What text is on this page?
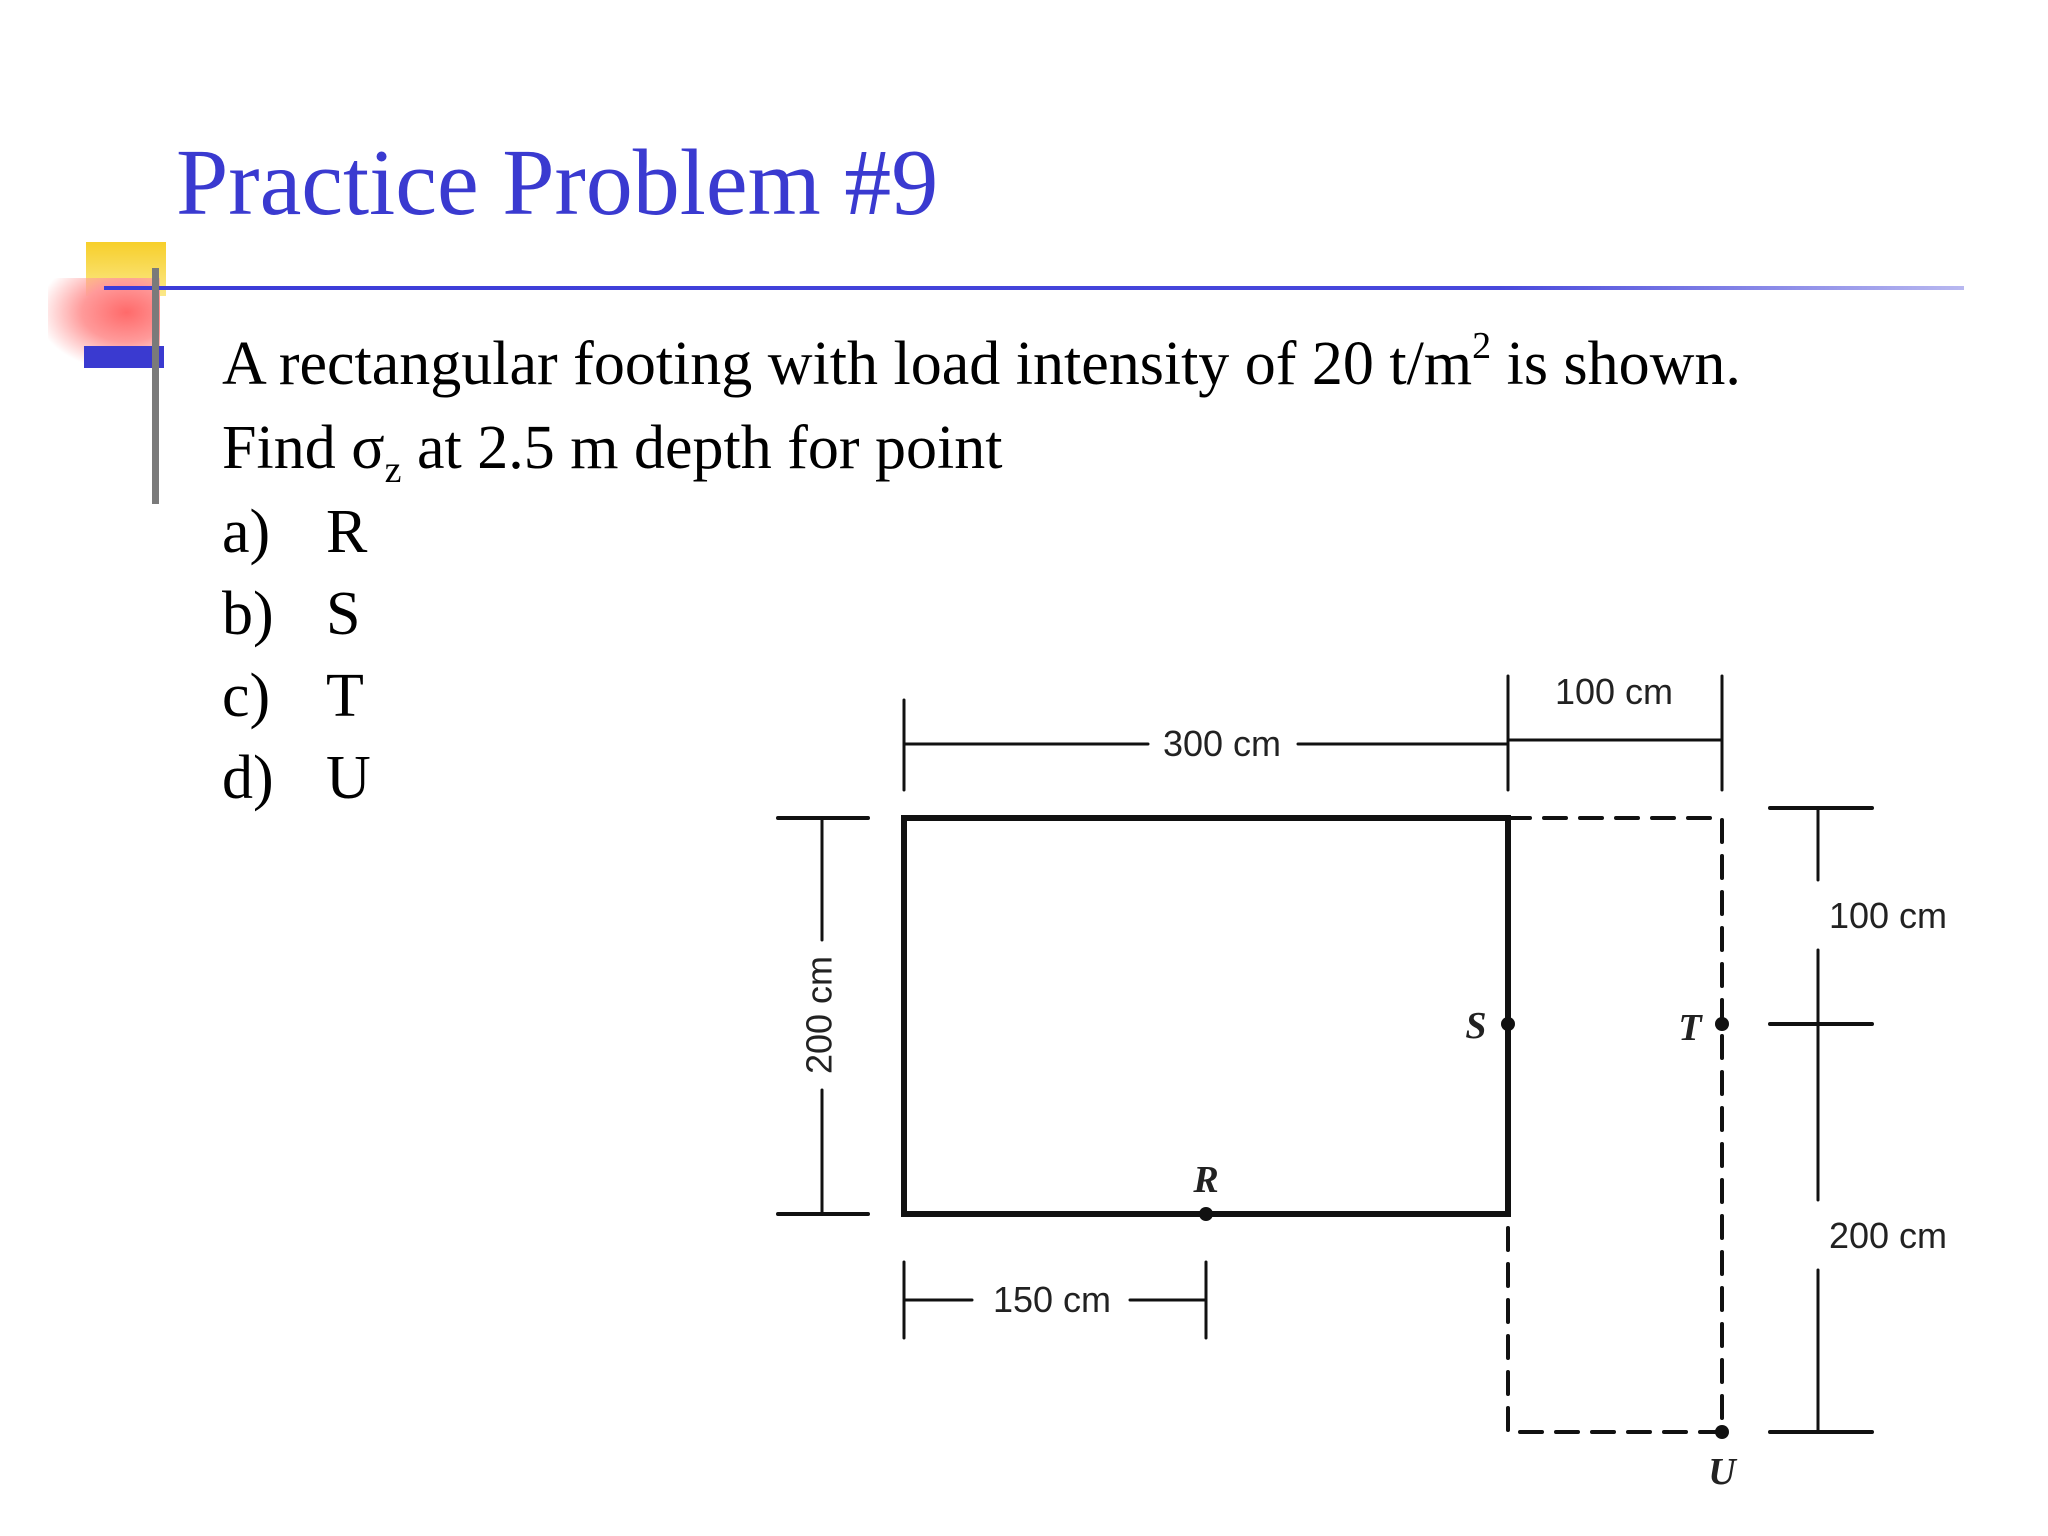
Practice Problem #9
A rectangular footing with load intensity of 20 $t/m^2$ is shown.
Find $\sigma_z$ at 2.5 m depth for point
a) R
b) S
c) T
d) U
300 cm
100 cm
200 cm
100 cm
200 cm
150 cm
R
S	T
U
